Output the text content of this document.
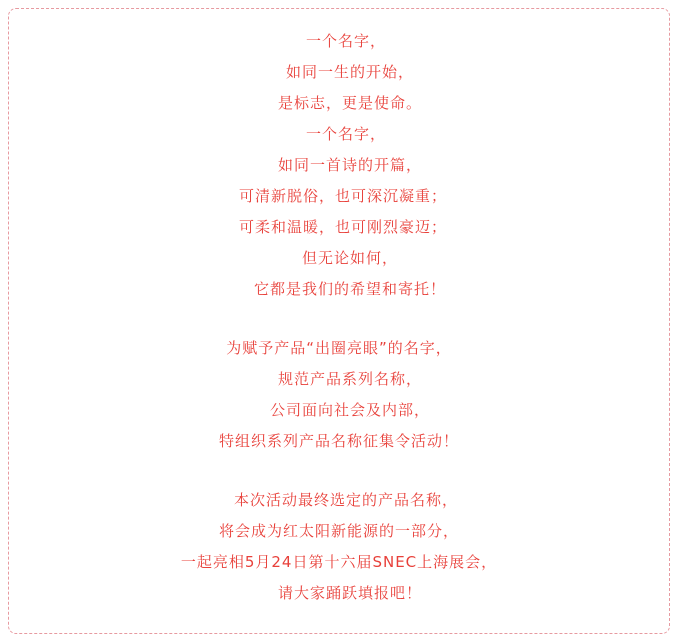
一个名字，
如同一生的开始，
是标志，更是使命。
一个名字，
如同一首诗的开篇，
可清新脱俗，也可深沉凝重；
可柔和温暖，也可刚烈豪迈；
但无论如何，
它都是我们的希望和寄托！
为赋予产品“出圈亮眼”的名字，
规范产品系列名称，
公司面向社会及内部，
特组织系列产品名称征集令活动！
本次活动最终选定的产品名称，
将会成为红太阳新能源的一部分，
一起亮相5月24日第十六届SNEC上海展会，
请大家踊跃填报吧！
